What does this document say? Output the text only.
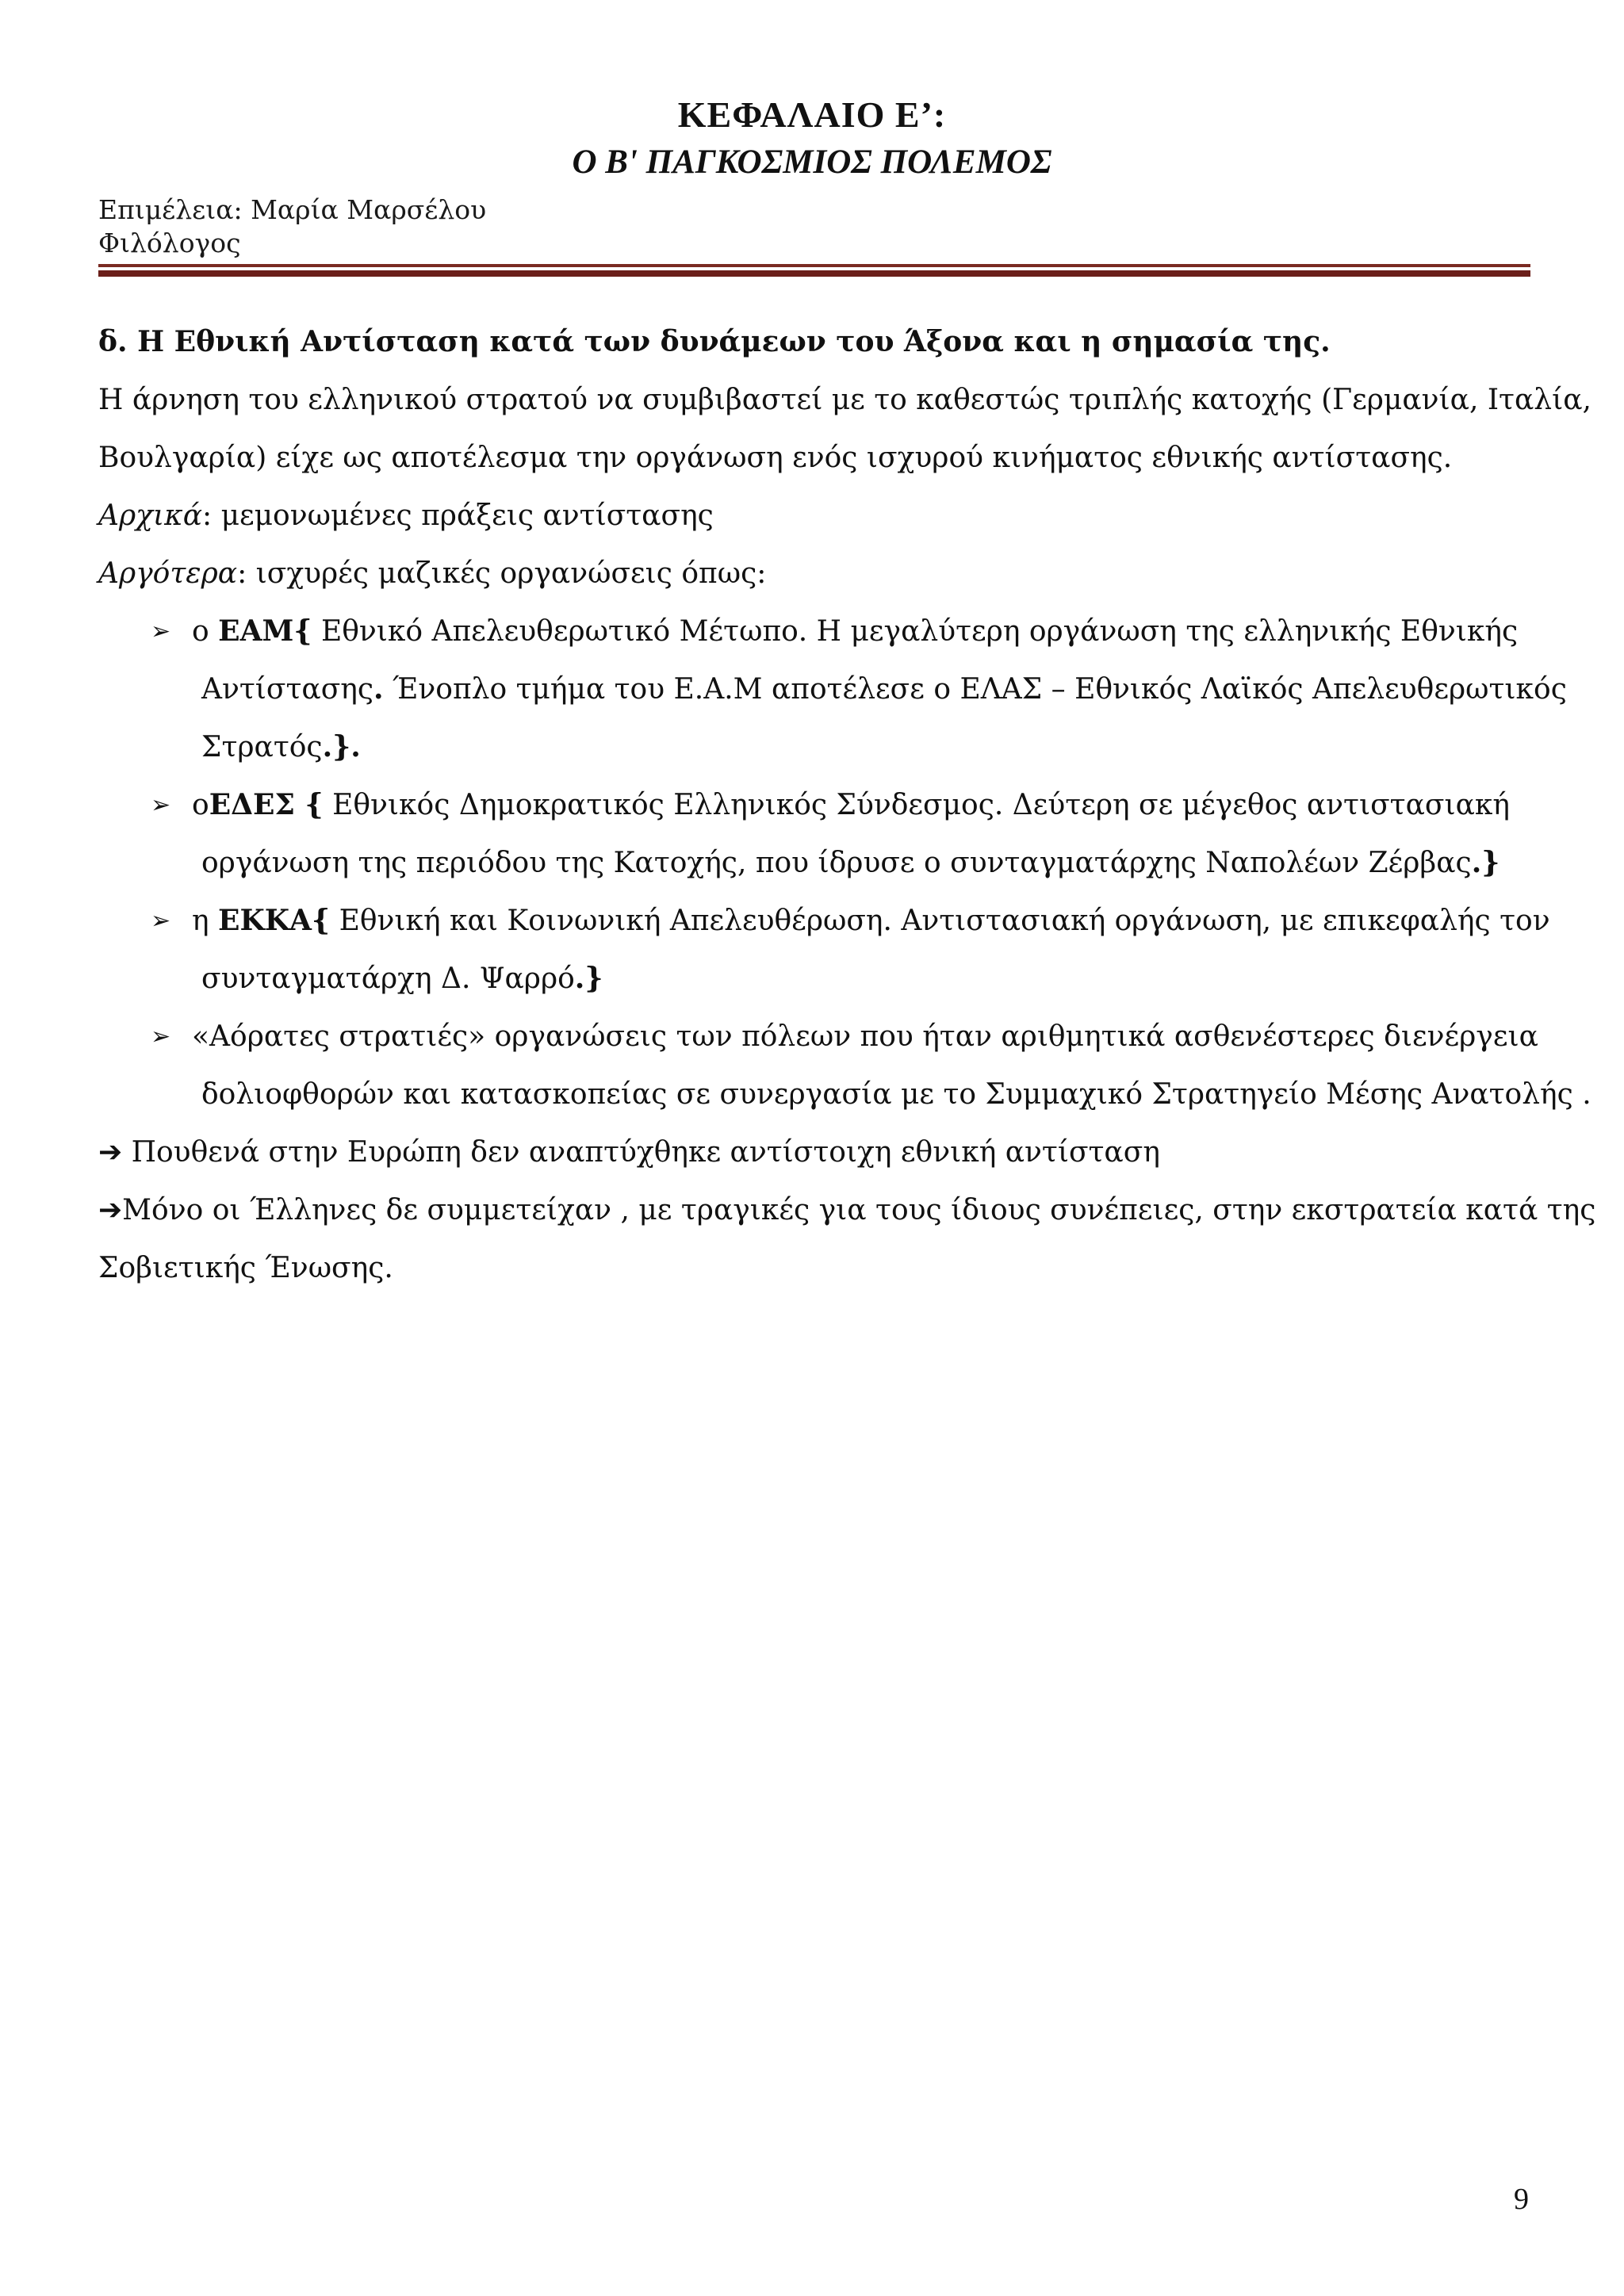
ΚΕΦΑΛΑΙΟ Ε’:
Ο Β' ΠΑΓΚΟΣΜΙΟΣ ΠΟΛΕΜΟΣ
Επιμέλεια: Μαρία Μαρσέλου
Φιλόλογος
δ. Η Εθνική Αντίσταση κατά των δυνάμεων του Άξονα και η σημασία της.

Η άρνηση του ελληνικού στρατού να συμβιβαστεί με το καθεστώς τριπλής κατοχής (Γερμανία, Ιταλία,
Βουλγαρία) είχε ως αποτέλεσμα την οργάνωση ενός ισχυρού κινήματος εθνικής αντίστασης.

Αρχικά: μεμονωμένες πράξεις αντίστασης
Αργότερα: ισχυρές μαζικές οργανώσεις όπως:
➢ ο ΕΑΜ{ Εθνικό Απελευθερωτικό Μέτωπο. Η μεγαλύτερη οργάνωση της ελληνικής Εθνικής
Αντίστασης. Ένοπλο τμήμα του Ε.Α.Μ αποτέλεσε ο ΕΛΑΣ – Εθνικός Λαϊκός Απελευθερωτικός
Στρατός.}.
➢ οΕΔΕΣ { Εθνικός Δημοκρατικός Ελληνικός Σύνδεσμος. Δεύτερη σε μέγεθος αντιστασιακή
οργάνωση της περιόδου της Κατοχής, που ίδρυσε ο συνταγματάρχης Ναπολέων Ζέρβας.}
➢ η ΕΚΚΑ{ Εθνική και Κοινωνική Απελευθέρωση. Αντιστασιακή οργάνωση, με επικεφαλής τον
συνταγματάρχη Δ. Ψαρρό.}
➢ «Αόρατες στρατιές» οργανώσεις των πόλεων που ήταν αριθμητικά ασθενέστερες διενέργεια
δολιοφθορών και κατασκοπείας σε συνεργασία με το Συμμαχικό Στρατηγείο Μέσης Ανατολής .
➔ Πουθενά στην Ευρώπη δεν αναπτύχθηκε αντίστοιχη εθνική αντίσταση
➔Μόνο οι Έλληνες δε συμμετείχαν , με τραγικές για τους ίδιους συνέπειες, στην εκστρατεία κατά της
Σοβιετικής Ένωσης.
9
